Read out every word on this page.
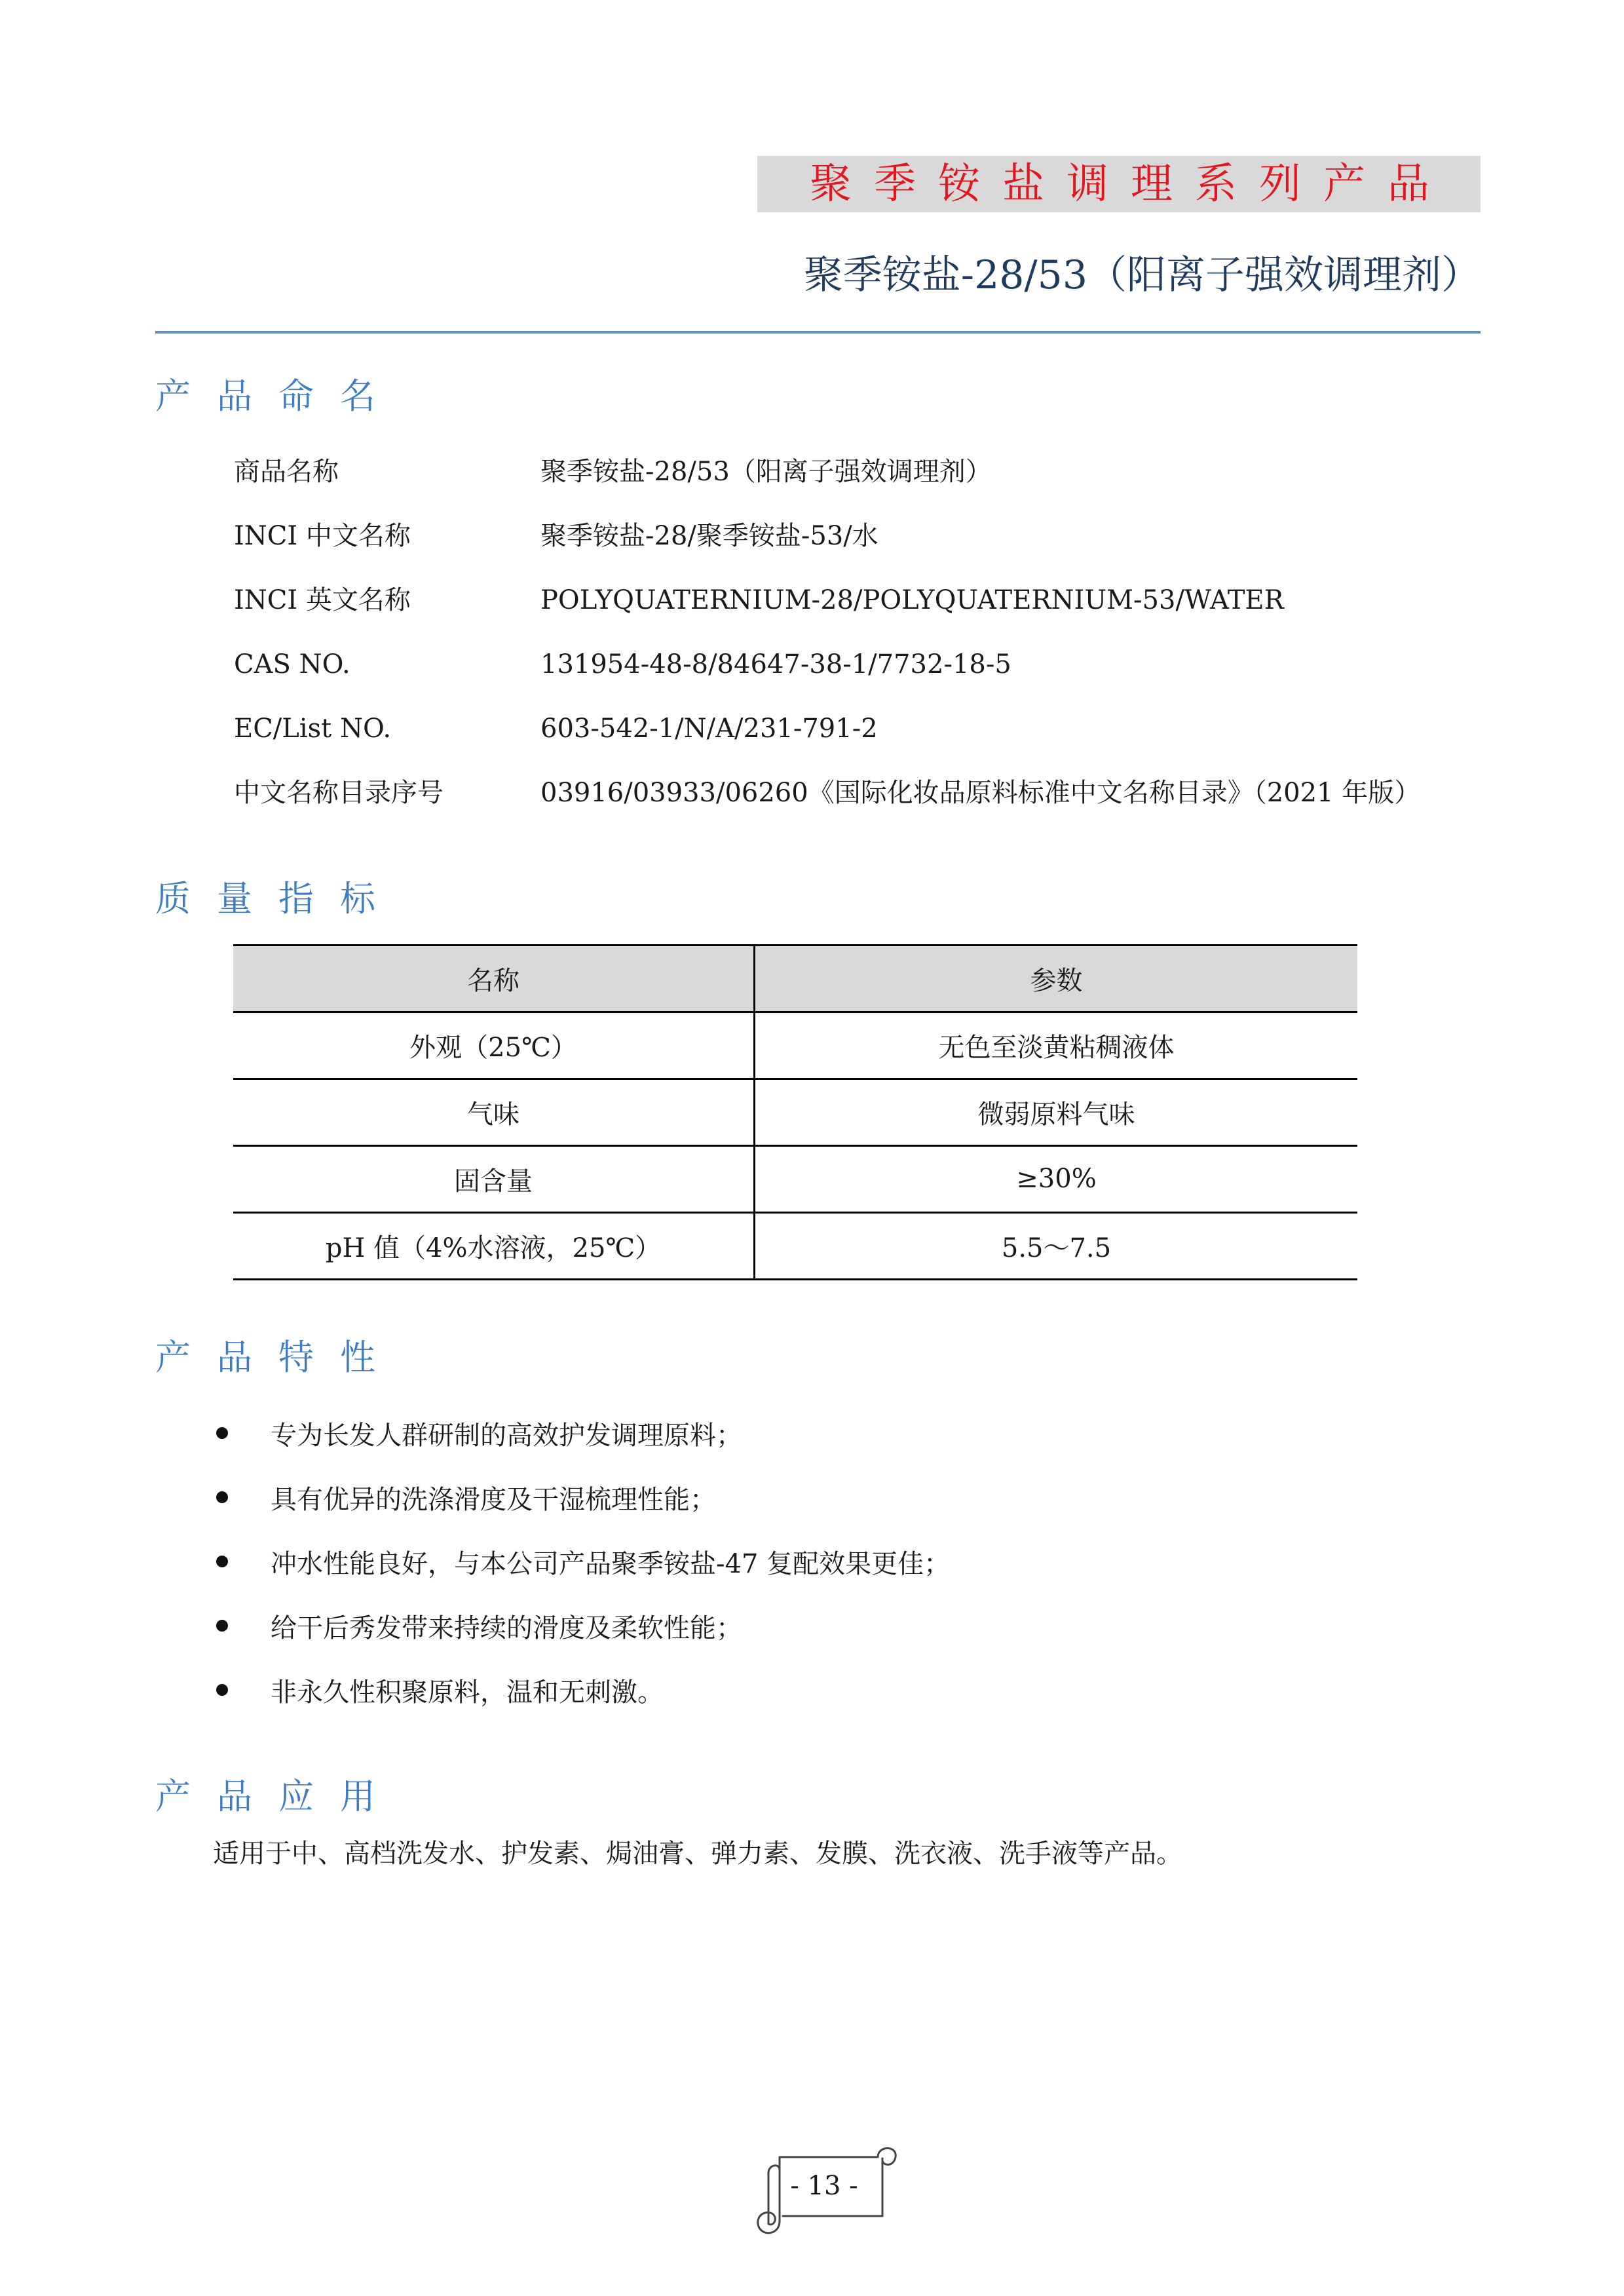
聚季铵盐调理系列产品
聚季铵盐-28/53（阳离子强效调理剂）
产品命名
商品名称	聚季铵盐-28/53（阳离子强效调理剂）
INCI 中文名称	聚季铵盐-28/聚季铵盐-53/水
INCI 英文名称	POLYQUATERNIUM-28/POLYQUATERNIUM-53/WATER
CAS NO.	131954-48-8/84647-38-1/7732-18-5
EC/List NO.	603-542-1/N/A/231-791-2
中文名称目录序号	03916/03933/06260《国际化妆品原料标准中文名称目录》（2021 年版）
质量指标
名称	参数
外观（25℃）	无色至淡黄粘稠液体
气味	微弱原料气味
固含量	≥30%
pH 值（4%水溶液，25℃）	5.5～7.5
产品特性
专为长发人群研制的高效护发调理原料；
具有优异的洗涤滑度及干湿梳理性能；
冲水性能良好，与本公司产品聚季铵盐-47 复配效果更佳；
给干后秀发带来持续的滑度及柔软性能；
非永久性积聚原料，温和无刺激。
产品应用
适用于中、高档洗发水、护发素、焗油膏、弹力素、发膜、洗衣液、洗手液等产品。
- 13 -
